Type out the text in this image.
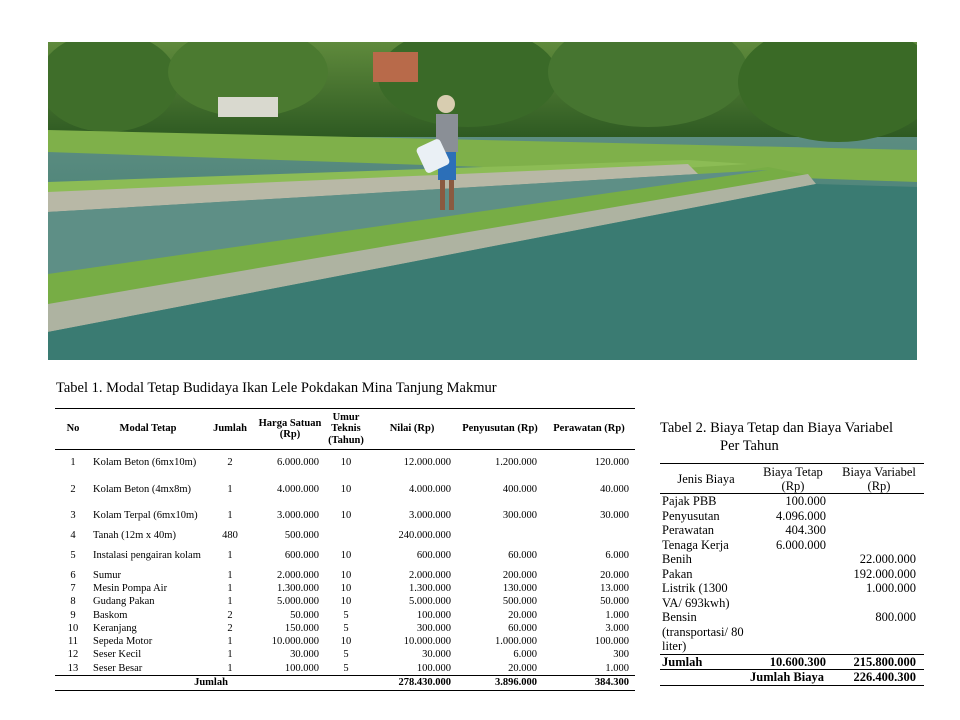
Tabel 1. Modal Tetap Budidaya Ikan Lele Pokdakan Mina Tanjung Makmur
No	Modal Tetap	Jumlah	Harga Satuan (Rp)	Umur Teknis (Tahun)	Nilai (Rp)	Penyusutan (Rp)	Perawatan (Rp)
1	Kolam Beton (6mx10m)	2	6.000.000	10	12.000.000	1.200.000	120.000
2	Kolam Beton (4mx8m)	1	4.000.000	10	4.000.000	400.000	40.000
3	Kolam Terpal (6mx10m)	1	3.000.000	10	3.000.000	300.000	30.000
4	Tanah (12m x 40m)	480	500.000		240.000.000		
5	Instalasi pengairan kolam	1	600.000	10	600.000	60.000	6.000
6	Sumur	1	2.000.000	10	2.000.000	200.000	20.000
7	Mesin Pompa Air	1	1.300.000	10	1.300.000	130.000	13.000
8	Gudang Pakan	1	5.000.000	10	5.000.000	500.000	50.000
9	Baskom	2	50.000	5	100.000	20.000	1.000
10	Keranjang	2	150.000	5	300.000	60.000	3.000
11	Sepeda Motor	1	10.000.000	10	10.000.000	1.000.000	100.000
12	Seser Kecil	1	30.000	5	30.000	6.000	300
13	Seser Besar	1	100.000	5	100.000	20.000	1.000
Jumlah					278.430.000	3.896.000	384.300
Tabel 2. Biaya Tetap dan Biaya Variabel
Per Tahun
Jenis Biaya	Biaya Tetap (Rp)	Biaya Variabel (Rp)
Pajak PBB	100.000	
Penyusutan	4.096.000	
Perawatan	404.300	
Tenaga Kerja	6.000.000	
Benih		22.000.000
Pakan		192.000.000
Listrik (1300 VA/ 693kwh)		1.000.000
Bensin (transportasi/ 80 liter)		800.000
Jumlah	10.600.300	215.800.000
Jumlah Biaya		226.400.300
